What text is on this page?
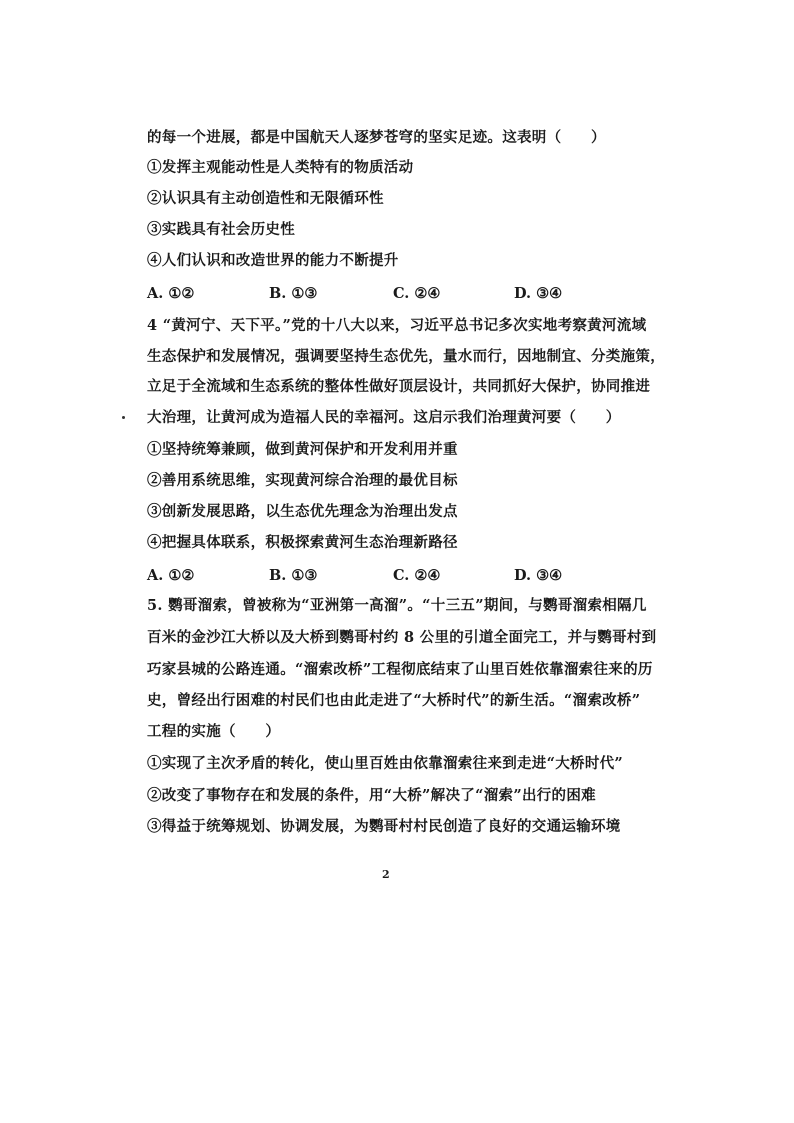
的每一个进展，都是中国航天人逐梦苍穹的坚实足迹。这表明（　　）
①发挥主观能动性是人类特有的物质活动
②认识具有主动创造性和无限循环性
③实践具有社会历史性
④人们认识和改造世界的能力不断提升
A. ①②	B. ①③	C. ②④	D. ③④
4 “黄河宁、天下平。”党的十八大以来，习近平总书记多次实地考察黄河流域
生态保护和发展情况，强调要坚持生态优先，量水而行，因地制宜、分类施策，
立足于全流域和生态系统的整体性做好顶层设计，共同抓好大保护，协同推进
大治理，让黄河成为造福人民的幸福河。这启示我们治理黄河要（　　）
①坚持统筹兼顾，做到黄河保护和开发利用并重
②善用系统思维，实现黄河综合治理的最优目标
③创新发展思路，以生态优先理念为治理出发点
④把握具体联系，积极探索黄河生态治理新路径
A. ①②	B. ①③	C. ②④	D. ③④
5. 鹦哥溜索，曾被称为“亚洲第一高溜”。“十三五”期间，与鹦哥溜索相隔几
百米的金沙江大桥以及大桥到鹦哥村约 8 公里的引道全面完工，并与鹦哥村到
巧家县城的公路连通。“溜索改桥”工程彻底结束了山里百姓依靠溜索往来的历
史，曾经出行困难的村民们也由此走进了“大桥时代”的新生活。“溜索改桥”
工程的实施（　　）
①实现了主次矛盾的转化，使山里百姓由依靠溜索往来到走进“大桥时代”
②改变了事物存在和发展的条件，用“大桥”解决了“溜索”出行的困难
③得益于统筹规划、协调发展，为鹦哥村村民创造了良好的交通运输环境
2
